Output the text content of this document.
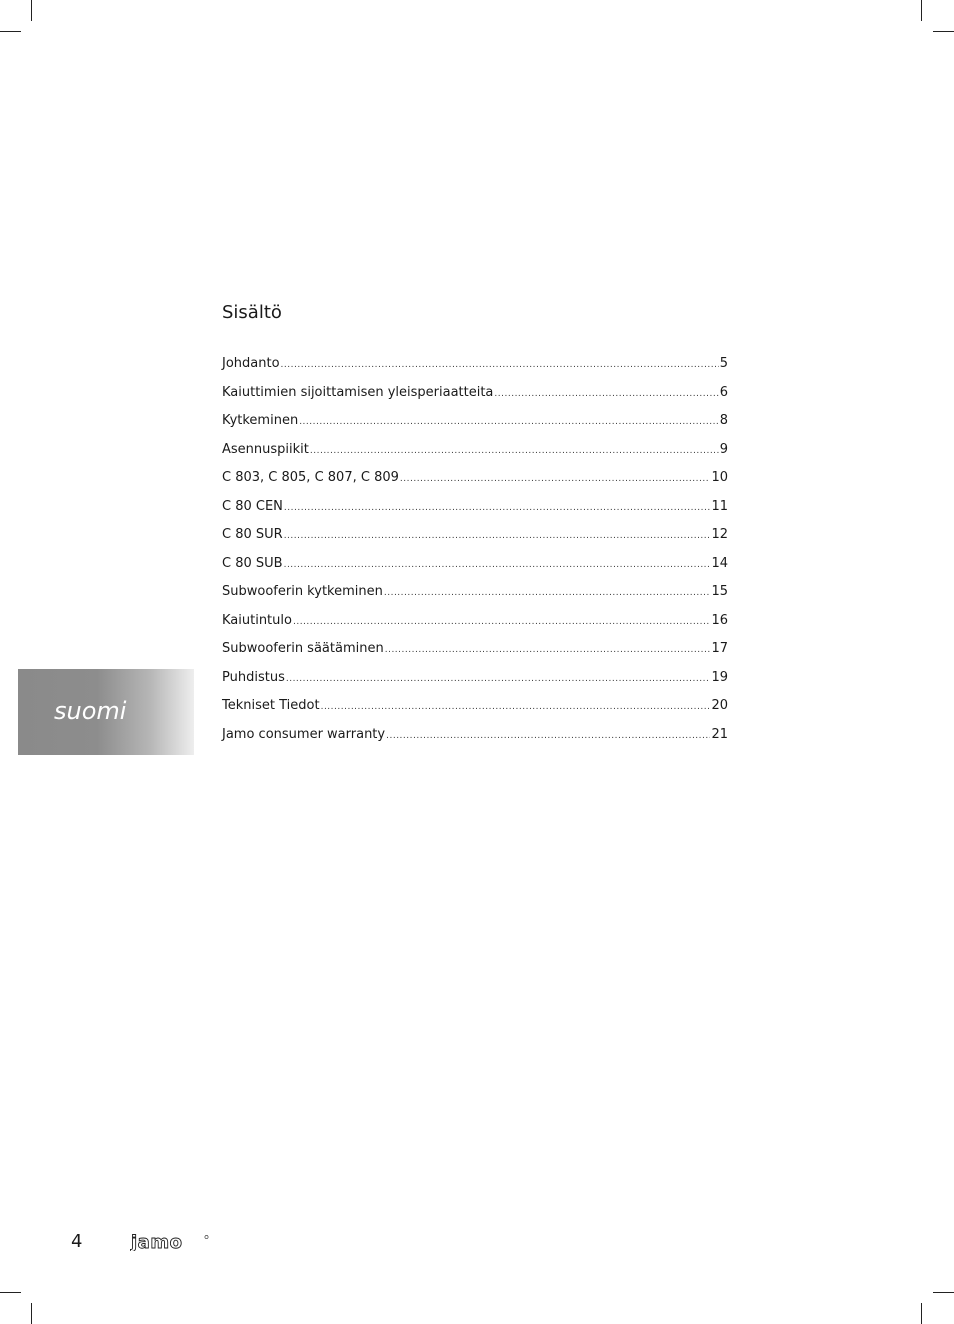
Sisältö
Johdanto .....	5
Kaiuttimien sijoittamisen yleisperiaatteita .....	6
Kytkeminen .....	8
Asennuspiikit .....	9
C 803, C 805, C 807, C 809 .....	10
C 80 CEN .....	11
C 80 SUR .....	12
C 80 SUB .....	14
Subwooferin kytkeminen .....	15
Kaiutintulo .....	16
Subwooferin säätäminen .....	17
Puhdistus .....	19
Tekniset Tiedot .....	20
Jamo consumer warranty .....	21
suomi
4	jamo
